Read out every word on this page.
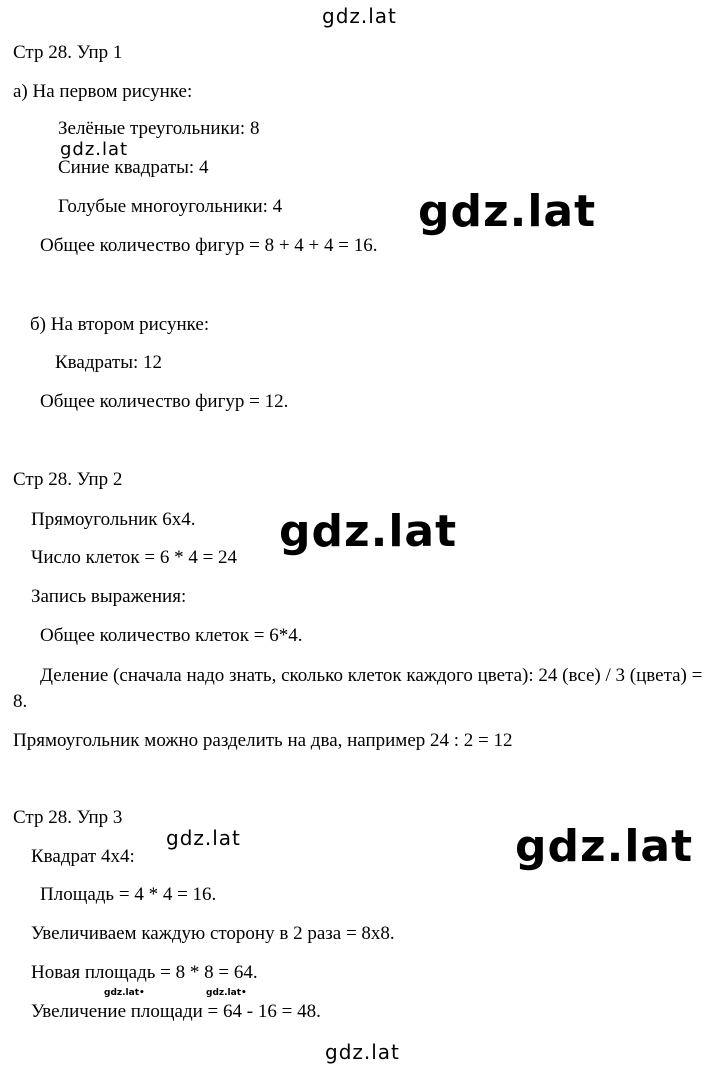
gdz.lat
gdz.lat
gdz.lat
gdz.lat
gdz.lat	gdz.lat
gdz.lat•	gdz.lat•
gdz.lat
Стр 28. Упр 1
а) На первом рисунке:
Зелёные треугольники: 8
Синие квадраты: 4
Голубые многоугольники: 4
Общее количество фигур = 8 + 4 + 4 = 16.
б) На втором рисунке:
Квадраты: 12
Общее количество фигур = 12.
Стр 28. Упр 2
Прямоугольник 6x4.
Число клеток = 6 * 4 = 24
Запись выражения:
Общее количество клеток = 6*4.
Деление (сначала надо знать, сколько клеток каждого цвета): 24 (все) / 3 (цвета) = 8.
Прямоугольник можно разделить на два, например 24 : 2 = 12
Стр 28. Упр 3
Квадрат 4x4:
Площадь = 4 * 4 = 16.
Увеличиваем каждую сторону в 2 раза = 8x8.
Новая площадь = 8 * 8 = 64.
Увеличение площади = 64 - 16 = 48.
